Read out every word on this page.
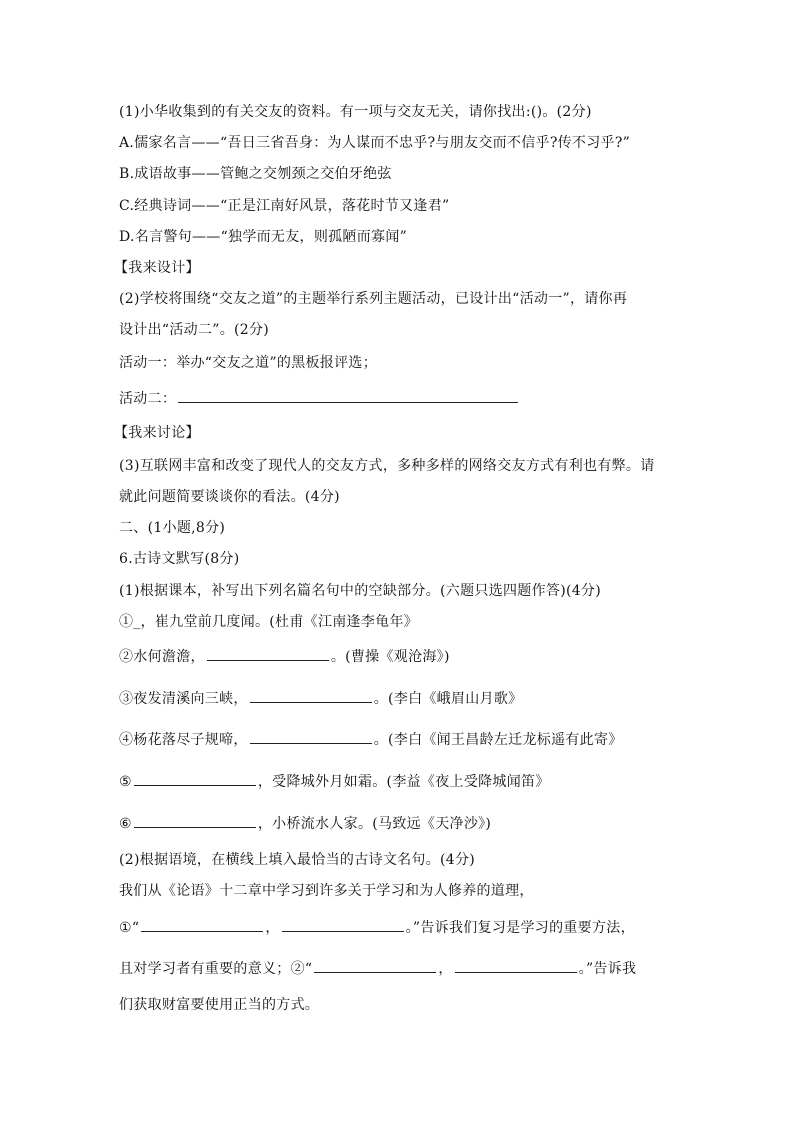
(1)小华收集到的有关交友的资料。有一项与交友无关，请你找出:()。(2分)
A.儒家名言——“吾日三省吾身：为人谋而不忠乎?与朋友交而不信乎?传不习乎?”
B.成语故事——管鲍之交刎颈之交伯牙绝弦
C.经典诗词——“正是江南好风景，落花时节又逢君”
D.名言警句——“独学而无友，则孤陋而寡闻”
【我来设计】
(2)学校将围绕“交友之道”的主题举行系列主题活动，已设计出“活动一”，请你再
设计出“活动二”。(2分)
活动一：举办“交友之道”的黑板报评选；
活动二：
【我来讨论】
(3)互联网丰富和改变了现代人的交友方式，多种多样的网络交友方式有利也有弊。请
就此问题简要谈谈你的看法。(4分)
二、(1小题,8分)
6.古诗文默写(8分)
(1)根据课本，补写出下列名篇名句中的空缺部分。(六题只选四题作答)(4分)
①_，崔九堂前几度闻。(杜甫《江南逢李龟年》
②水何澹澹，	。(曹操《观沧海》)
③夜发清溪向三峡，	。(李白《峨眉山月歌》
④杨花落尽子规啼，	。(李白《闻王昌龄左迁龙标遥有此寄》
⑤	，受降城外月如霜。(李益《夜上受降城闻笛》
⑥	，小桥流水人家。(马致远《天净沙》)
(2)根据语境，在横线上填入最恰当的古诗文名句。(4分)
我们从《论语》十二章中学习到许多关于学习和为人修养的道理，
①“	，	。”告诉我们复习是学习的重要方法，
且对学习者有重要的意义；②“	，	。”告诉我
们获取财富要使用正当的方式。
